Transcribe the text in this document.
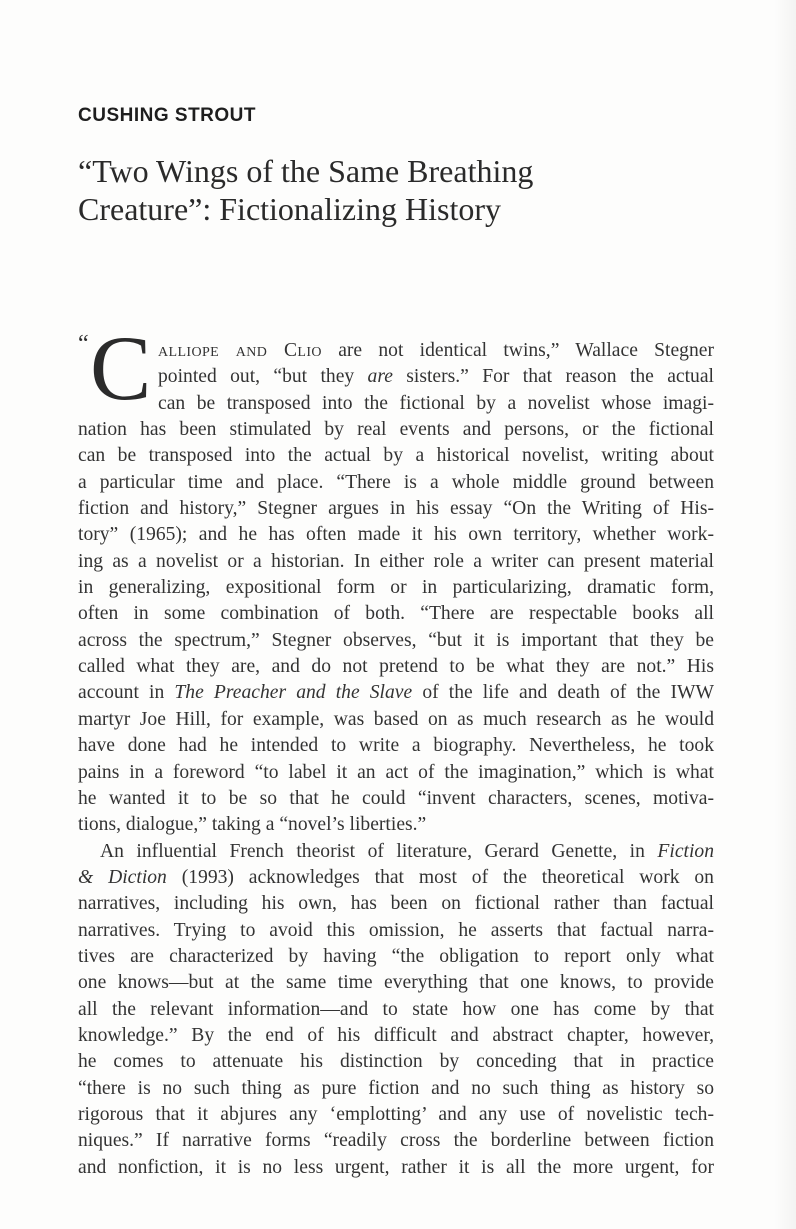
CUSHING STROUT
“Two Wings of the Same Breathing
Creature”: Fictionalizing History
“ C alliope and Clio are not identical twins,” Wallace Stegner
pointed out, “but they are sisters.” For that reason the actual
can be transposed into the fictional by a novelist whose imagi-
nation has been stimulated by real events and persons, or the fictional
can be transposed into the actual by a historical novelist, writing about
a particular time and place. “There is a whole middle ground between
fiction and history,” Stegner argues in his essay “On the Writing of His-
tory” (1965); and he has often made it his own territory, whether work-
ing as a novelist or a historian. In either role a writer can present material
in generalizing, expositional form or in particularizing, dramatic form,
often in some combination of both. “There are respectable books all
across the spectrum,” Stegner observes, “but it is important that they be
called what they are, and do not pretend to be what they are not.” His
account in The Preacher and the Slave of the life and death of the IWW
martyr Joe Hill, for example, was based on as much research as he would
have done had he intended to write a biography. Nevertheless, he took
pains in a foreword “to label it an act of the imagination,” which is what
he wanted it to be so that he could “invent characters, scenes, motiva-
tions, dialogue,” taking a “novel’s liberties.”
An influential French theorist of literature, Gerard Genette, in Fiction
& Diction (1993) acknowledges that most of the theoretical work on
narratives, including his own, has been on fictional rather than factual
narratives. Trying to avoid this omission, he asserts that factual narra-
tives are characterized by having “the obligation to report only what
one knows—but at the same time everything that one knows, to provide
all the relevant information—and to state how one has come by that
knowledge.” By the end of his difficult and abstract chapter, however,
he comes to attenuate his distinction by conceding that in practice
“there is no such thing as pure fiction and no such thing as history so
rigorous that it abjures any ‘emplotting’ and any use of novelistic tech-
niques.” If narrative forms “readily cross the borderline between fiction
and nonfiction, it is no less urgent, rather it is all the more urgent, for
